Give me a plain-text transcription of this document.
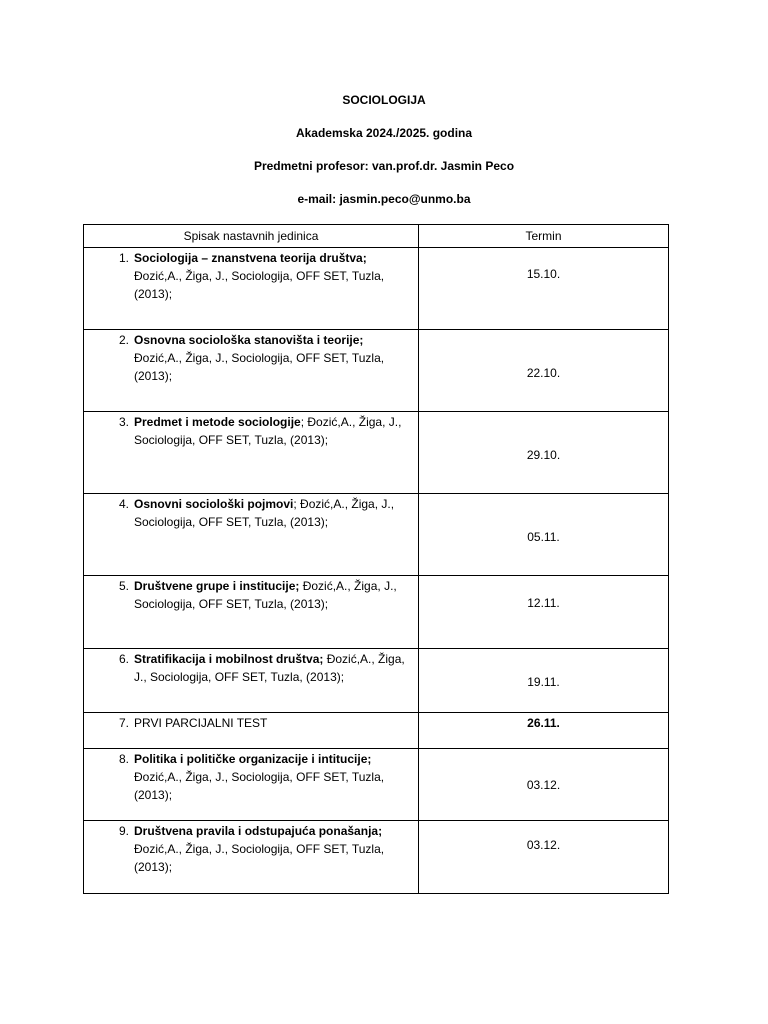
SOCIOLOGIJA
Akademska 2024./2025. godina
Predmetni profesor: van.prof.dr. Jasmin Peco
e-mail: jasmin.peco@unmo.ba
Spisak nastavnih jedinica	Termin

1. Sociologija – znanstvena teorija društva;
Đozić,A., Žiga, J., Sociologija, OFF SET, Tuzla, (2013);	15.10.

2. Osnovna sociološka stanovišta i teorije;
Đozić,A., Žiga, J., Sociologija, OFF SET, Tuzla, (2013);	22.10.

3. Predmet i metode sociologije; Đozić,A., Žiga, J., Sociologija, OFF SET, Tuzla, (2013);	29.10.

4. Osnovni sociološki pojmovi; Đozić,A., Žiga, J., Sociologija, OFF SET, Tuzla, (2013);	05.11.

5. Društvene grupe i institucije; Đozić,A., Žiga, J., Sociologija, OFF SET, Tuzla, (2013);	12.11.

6. Stratifikacija i mobilnost društva; Đozić,A., Žiga, J., Sociologija, OFF SET, Tuzla, (2013);	19.11.

7. PRVI PARCIJALNI TEST	26.11.

8. Politika i političke organizacije i intitucije;
Đozić,A., Žiga, J., Sociologija, OFF SET, Tuzla, (2013);	03.12.

9. Društvena pravila i odstupajuća ponašanja;
Đozić,A., Žiga, J., Sociologija, OFF SET, Tuzla, (2013);	03.12.
